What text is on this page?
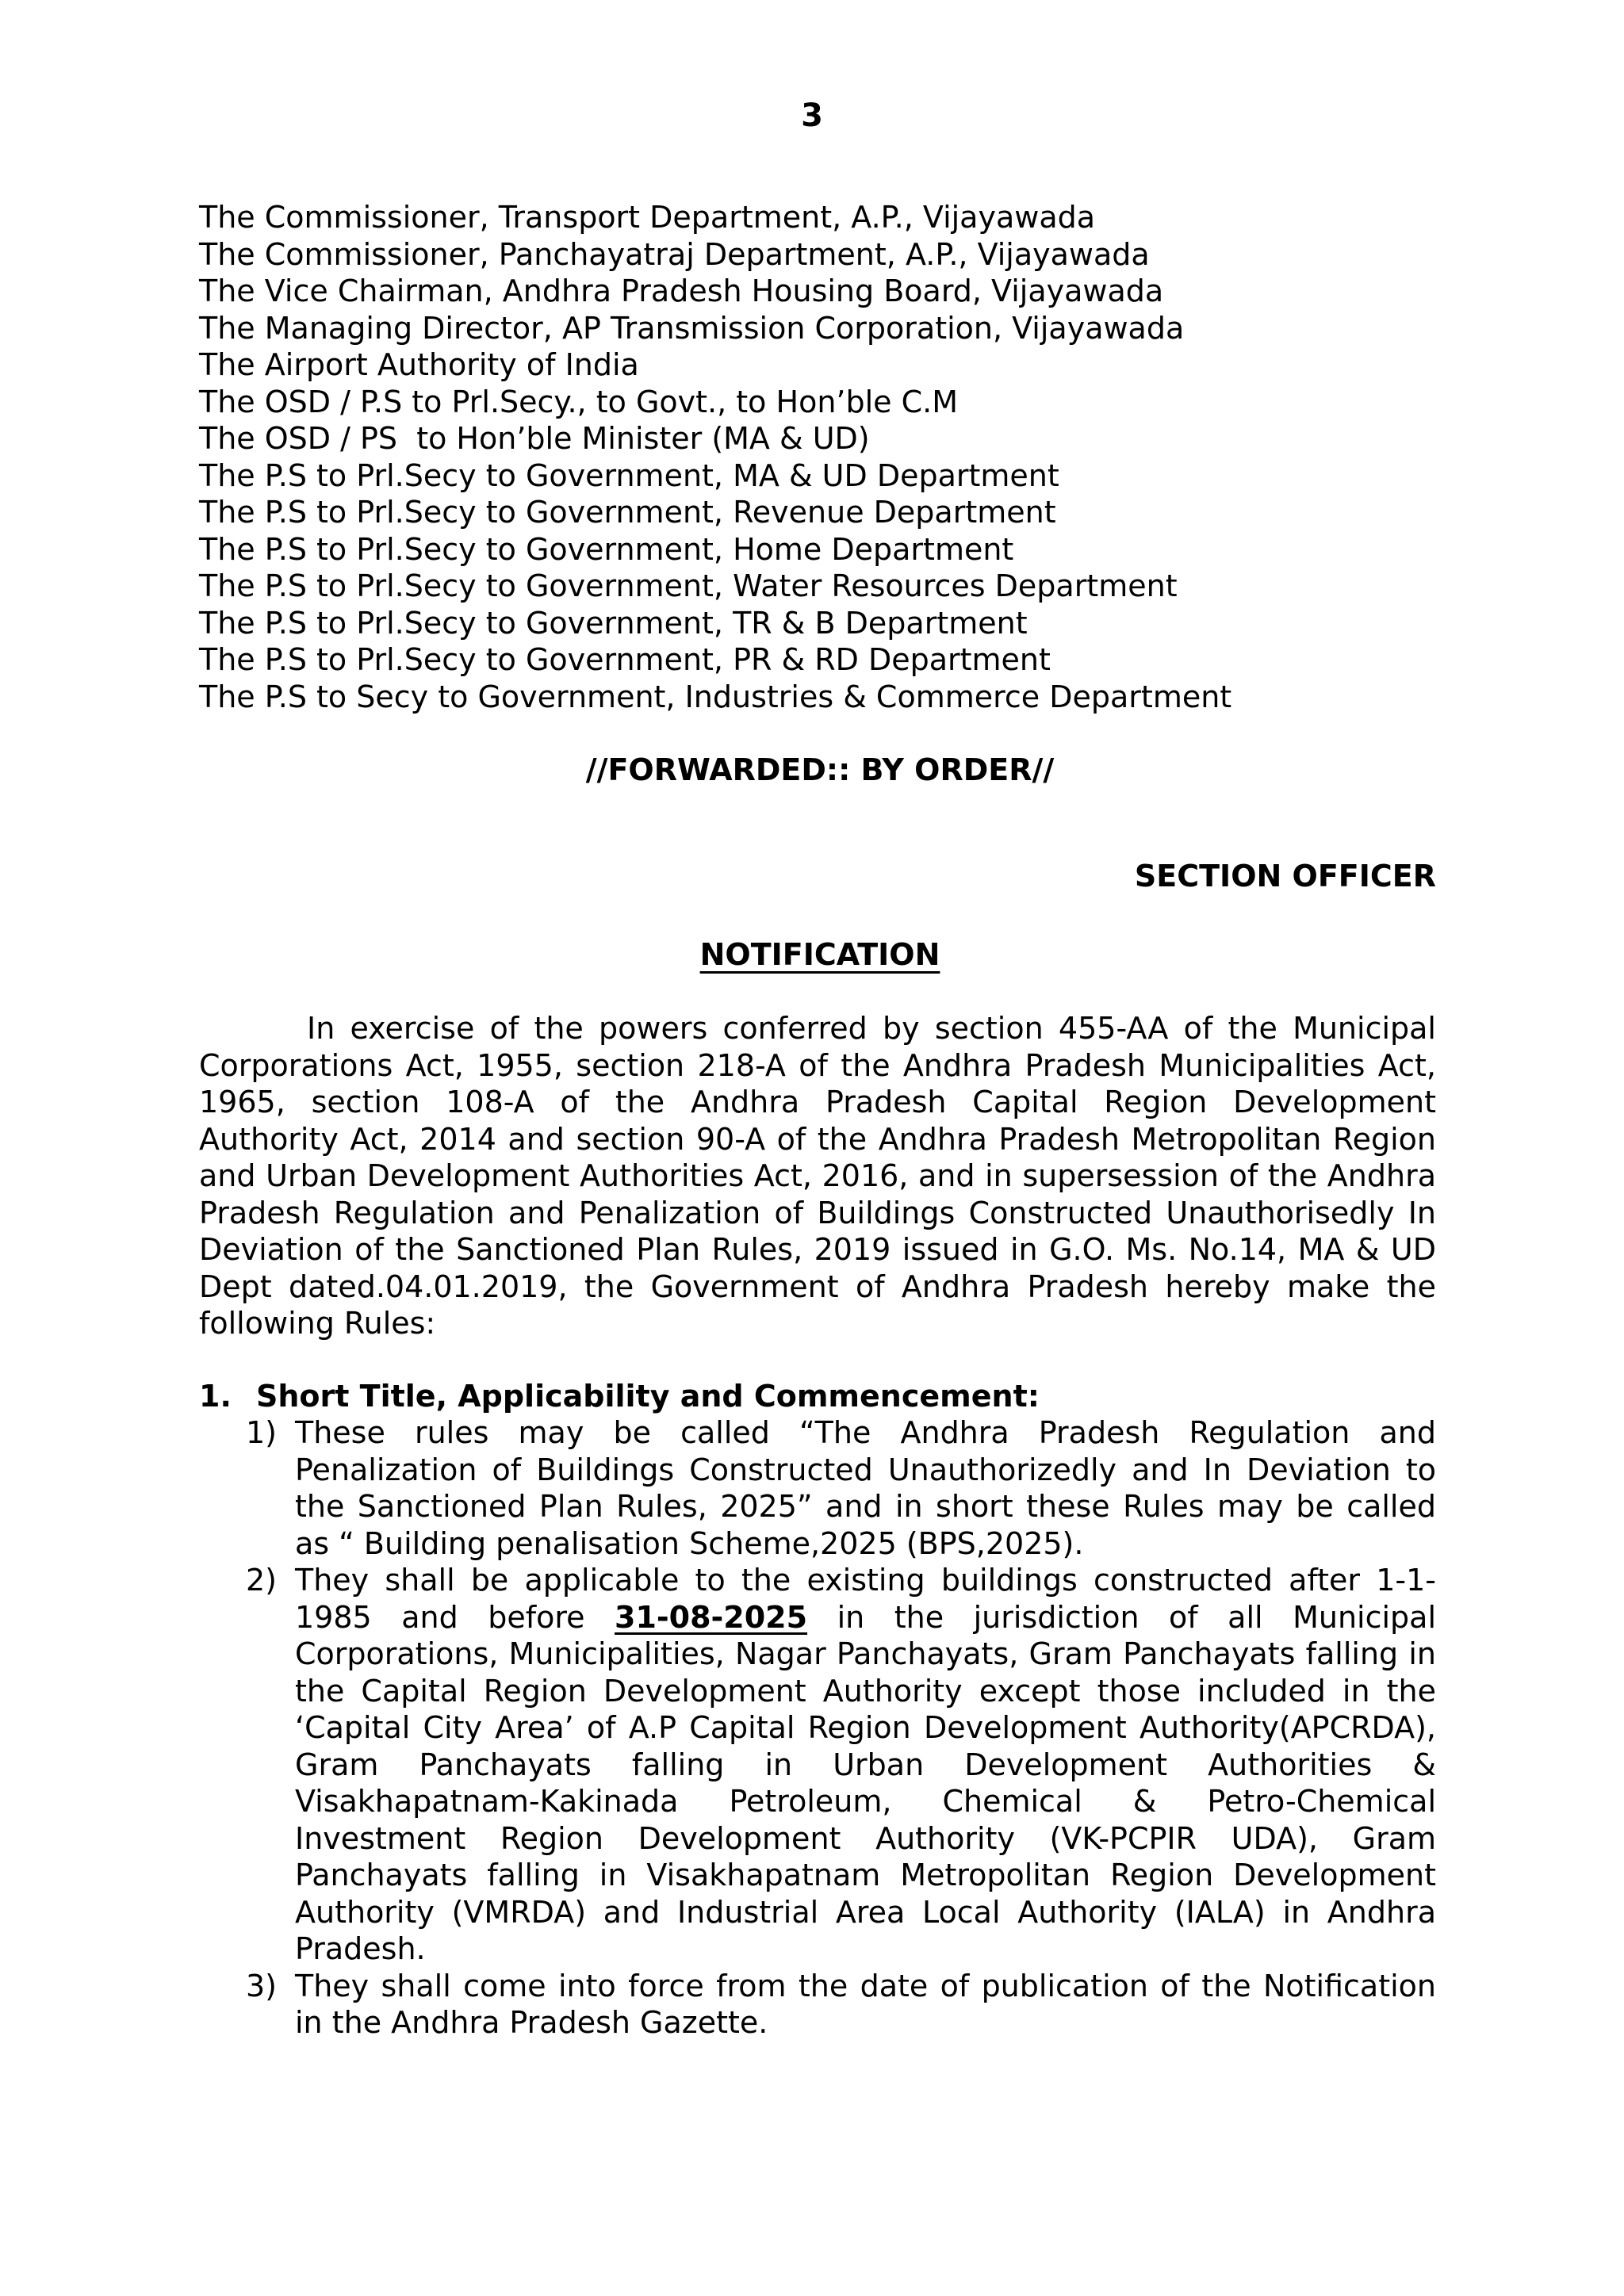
3
The Commissioner, Transport Department, A.P., Vijayawada
The Commissioner, Panchayatraj Department, A.P., Vijayawada
The Vice Chairman, Andhra Pradesh Housing Board, Vijayawada
The Managing Director, AP Transmission Corporation, Vijayawada
The Airport Authority of India
The OSD / P.S to Prl.Secy., to Govt., to Hon’ble C.M
The OSD / PS  to Hon’ble Minister (MA & UD)
The P.S to Prl.Secy to Government, MA & UD Department
The P.S to Prl.Secy to Government, Revenue Department
The P.S to Prl.Secy to Government, Home Department
The P.S to Prl.Secy to Government, Water Resources Department
The P.S to Prl.Secy to Government, TR & B Department
The P.S to Prl.Secy to Government, PR & RD Department
The P.S to Secy to Government, Industries & Commerce Department
//FORWARDED:: BY ORDER//
SECTION OFFICER
NOTIFICATION

In exercise of the powers conferred by section 455-AA of the Municipal Corporations Act, 1955, section 218-A of the Andhra Pradesh Municipalities Act, 1965, section 108-A of the Andhra Pradesh Capital Region Development Authority Act, 2014 and section 90-A of the Andhra Pradesh Metropolitan Region and Urban Development Authorities Act, 2016, and in supersession of the Andhra Pradesh Regulation and Penalization of Buildings Constructed Unauthorisedly In Deviation of the Sanctioned Plan Rules, 2019 issued in G.O. Ms. No.14, MA & UD Dept dated.04.01.2019, the Government of Andhra Pradesh hereby make the following Rules:

1. Short Title, Applicability and Commencement:
1) These rules may be called “The Andhra Pradesh Regulation and Penalization of Buildings Constructed Unauthorizedly and In Deviation to the Sanctioned Plan Rules, 2025” and in short these Rules may be called as “ Building penalisation Scheme,2025 (BPS,2025).
2) They shall be applicable to the existing buildings constructed after 1-1-1985 and before 31-08-2025 in the jurisdiction of all Municipal Corporations, Municipalities, Nagar Panchayats, Gram Panchayats falling in the Capital Region Development Authority except those included in the ‘Capital City Area’ of A.P Capital Region Development Authority(APCRDA), Gram Panchayats falling in Urban Development Authorities & Visakhapatnam-Kakinada Petroleum, Chemical & Petro-Chemical Investment Region Development Authority (VK-PCPIR UDA), Gram Panchayats falling in Visakhapatnam Metropolitan Region Development Authority (VMRDA) and Industrial Area Local Authority (IALA) in Andhra Pradesh.
3) They shall come into force from the date of publication of the Notification in the Andhra Pradesh Gazette.
